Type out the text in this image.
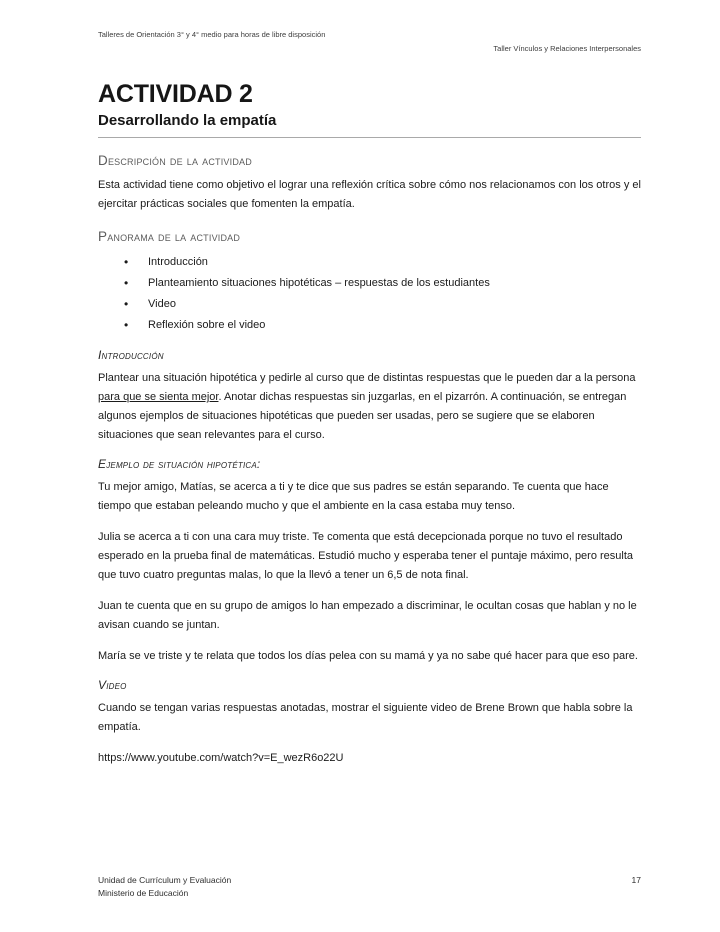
Talleres de Orientación 3° y 4° medio para horas de libre disposición
Taller Vínculos y Relaciones Interpersonales
ACTIVIDAD 2
Desarrollando la empatía
Descripción de la actividad

Esta actividad tiene como objetivo el lograr una reflexión crítica sobre cómo nos relacionamos con los otros y el ejercitar prácticas sociales que fomenten la empatía.

Panorama de la actividad
• Introducción
• Planteamiento situaciones hipotéticas – respuestas de los estudiantes
• Video
• Reflexión sobre el video
Introducción

Plantear una situación hipotética y pedirle al curso que de distintas respuestas que le pueden dar a la persona para que se sienta mejor. Anotar dichas respuestas sin juzgarlas, en el pizarrón. A continuación, se entregan algunos ejemplos de situaciones hipotéticas que pueden ser usadas, pero se sugiere que se elaboren situaciones que sean relevantes para el curso.

Ejemplo de situación hipotética:

Tu mejor amigo, Matías, se acerca a ti y te dice que sus padres se están separando. Te cuenta que hace tiempo que estaban peleando mucho y que el ambiente en la casa estaba muy tenso.

Julia se acerca a ti con una cara muy triste. Te comenta que está decepcionada porque no tuvo el resultado esperado en la prueba final de matemáticas. Estudió mucho y esperaba tener el puntaje máximo, pero resulta que tuvo cuatro preguntas malas, lo que la llevó a tener un 6,5 de nota final.

Juan te cuenta que en su grupo de amigos lo han empezado a discriminar, le ocultan cosas que hablan y no le avisan cuando se juntan.

María se ve triste y te relata que todos los días pelea con su mamá y ya no sabe qué hacer para que eso pare.

Video

Cuando se tengan varias respuestas anotadas, mostrar el siguiente video de Brene Brown que habla sobre la empatía.

https://www.youtube.com/watch?v=E_wezR6o22U

Unidad de Currículum y Evaluación
Ministerio de Educación
17
